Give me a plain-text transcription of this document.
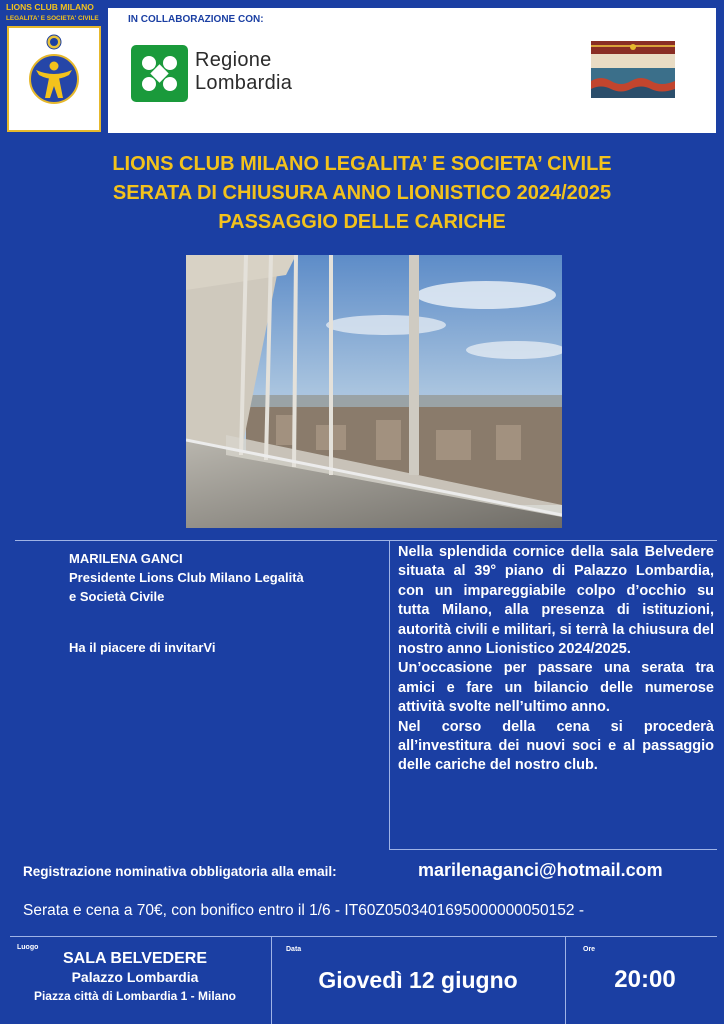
LIONS CLUB MILANO
LEGALITA' E SOCIETA' CIVILE	IN COLLABORAZIONE CON:
Regione
Lombardia
LIONS CLUB MILANO LEGALITA’ E SOCIETA’ CIVILE
SERATA DI CHIUSURA ANNO LIONISTICO 2024/2025
PASSAGGIO DELLE CARICHE
MARILENA GANCI
Presidente Lions Club Milano Legalità
e Società Civile
Ha il piacere di invitarVi

Nella splendida cornice della sala Belvedere situata al 39° piano di Palazzo Lombardia, con un impareggiabile colpo d’occhio su tutta Milano, alla presenza di istituzioni, autorità civili e militari, si terrà la chiusura del nostro anno Lionistico 2024/2025.

Un’occasione per passare una serata tra amici e fare un bilancio delle numerose attività svolte nell’ultimo anno.

Nel corso della cena si procederà all’investitura dei nuovi soci e al passaggio delle cariche del nostro club.

Registrazione nominativa obbligatoria alla email:	marilenaganci@hotmail.com
Serata e cena a 70€, con bonifico entro il 1/6 - IT60Z0503401695000000050152 -
Luogo
SALA BELVEDERE
Palazzo Lombardia
Piazza città di Lombardia 1 - Milano
Data
Giovedì 12 giugno
Ore
20:00
